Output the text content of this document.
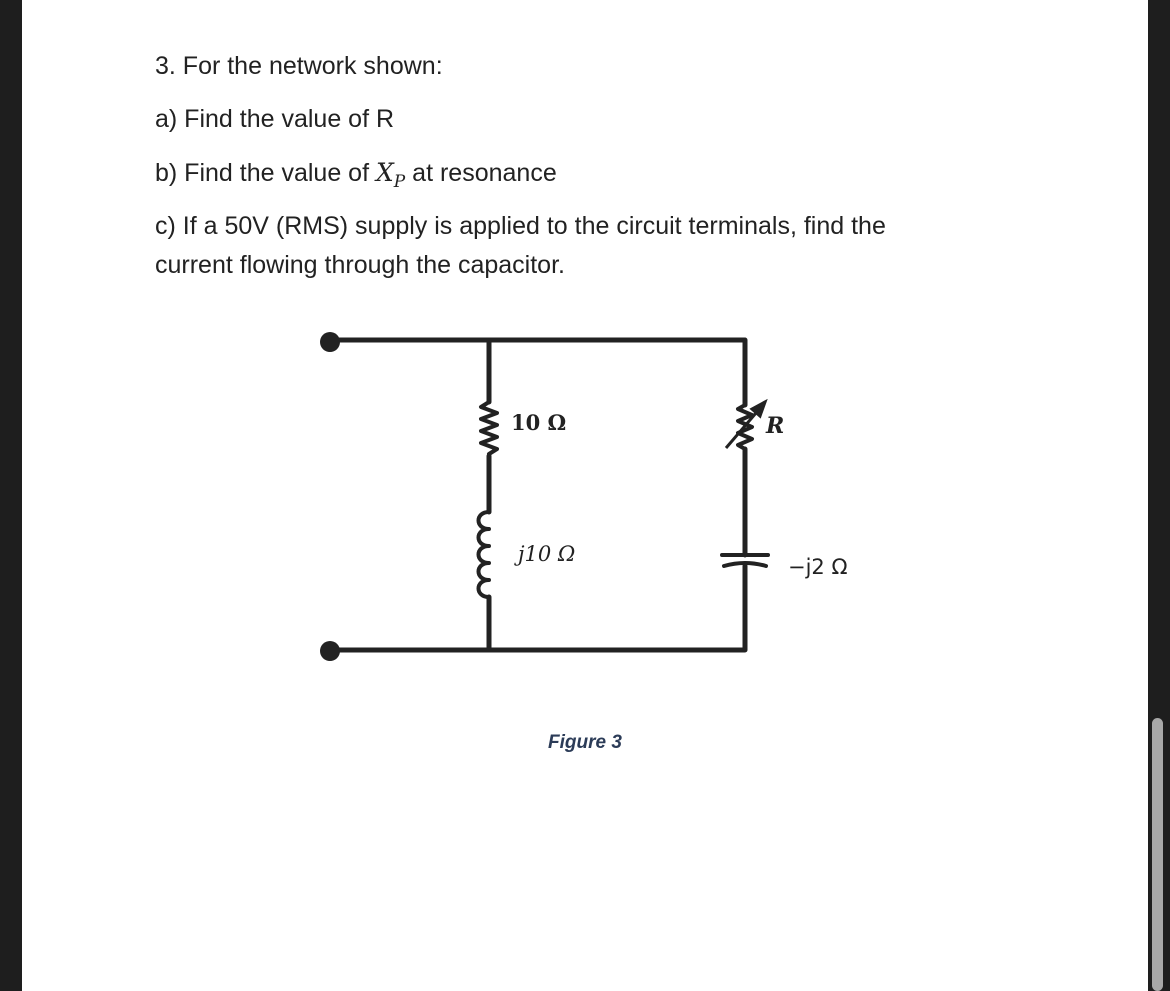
3. For the network shown:

a) Find the value of R

b) Find the value of $X_P$ at resonance

c) If a 50V (RMS) supply is applied to the circuit terminals, find the

current flowing through the capacitor.

10 Ω
j10 Ω
R
−j2 Ω
Figure 3
